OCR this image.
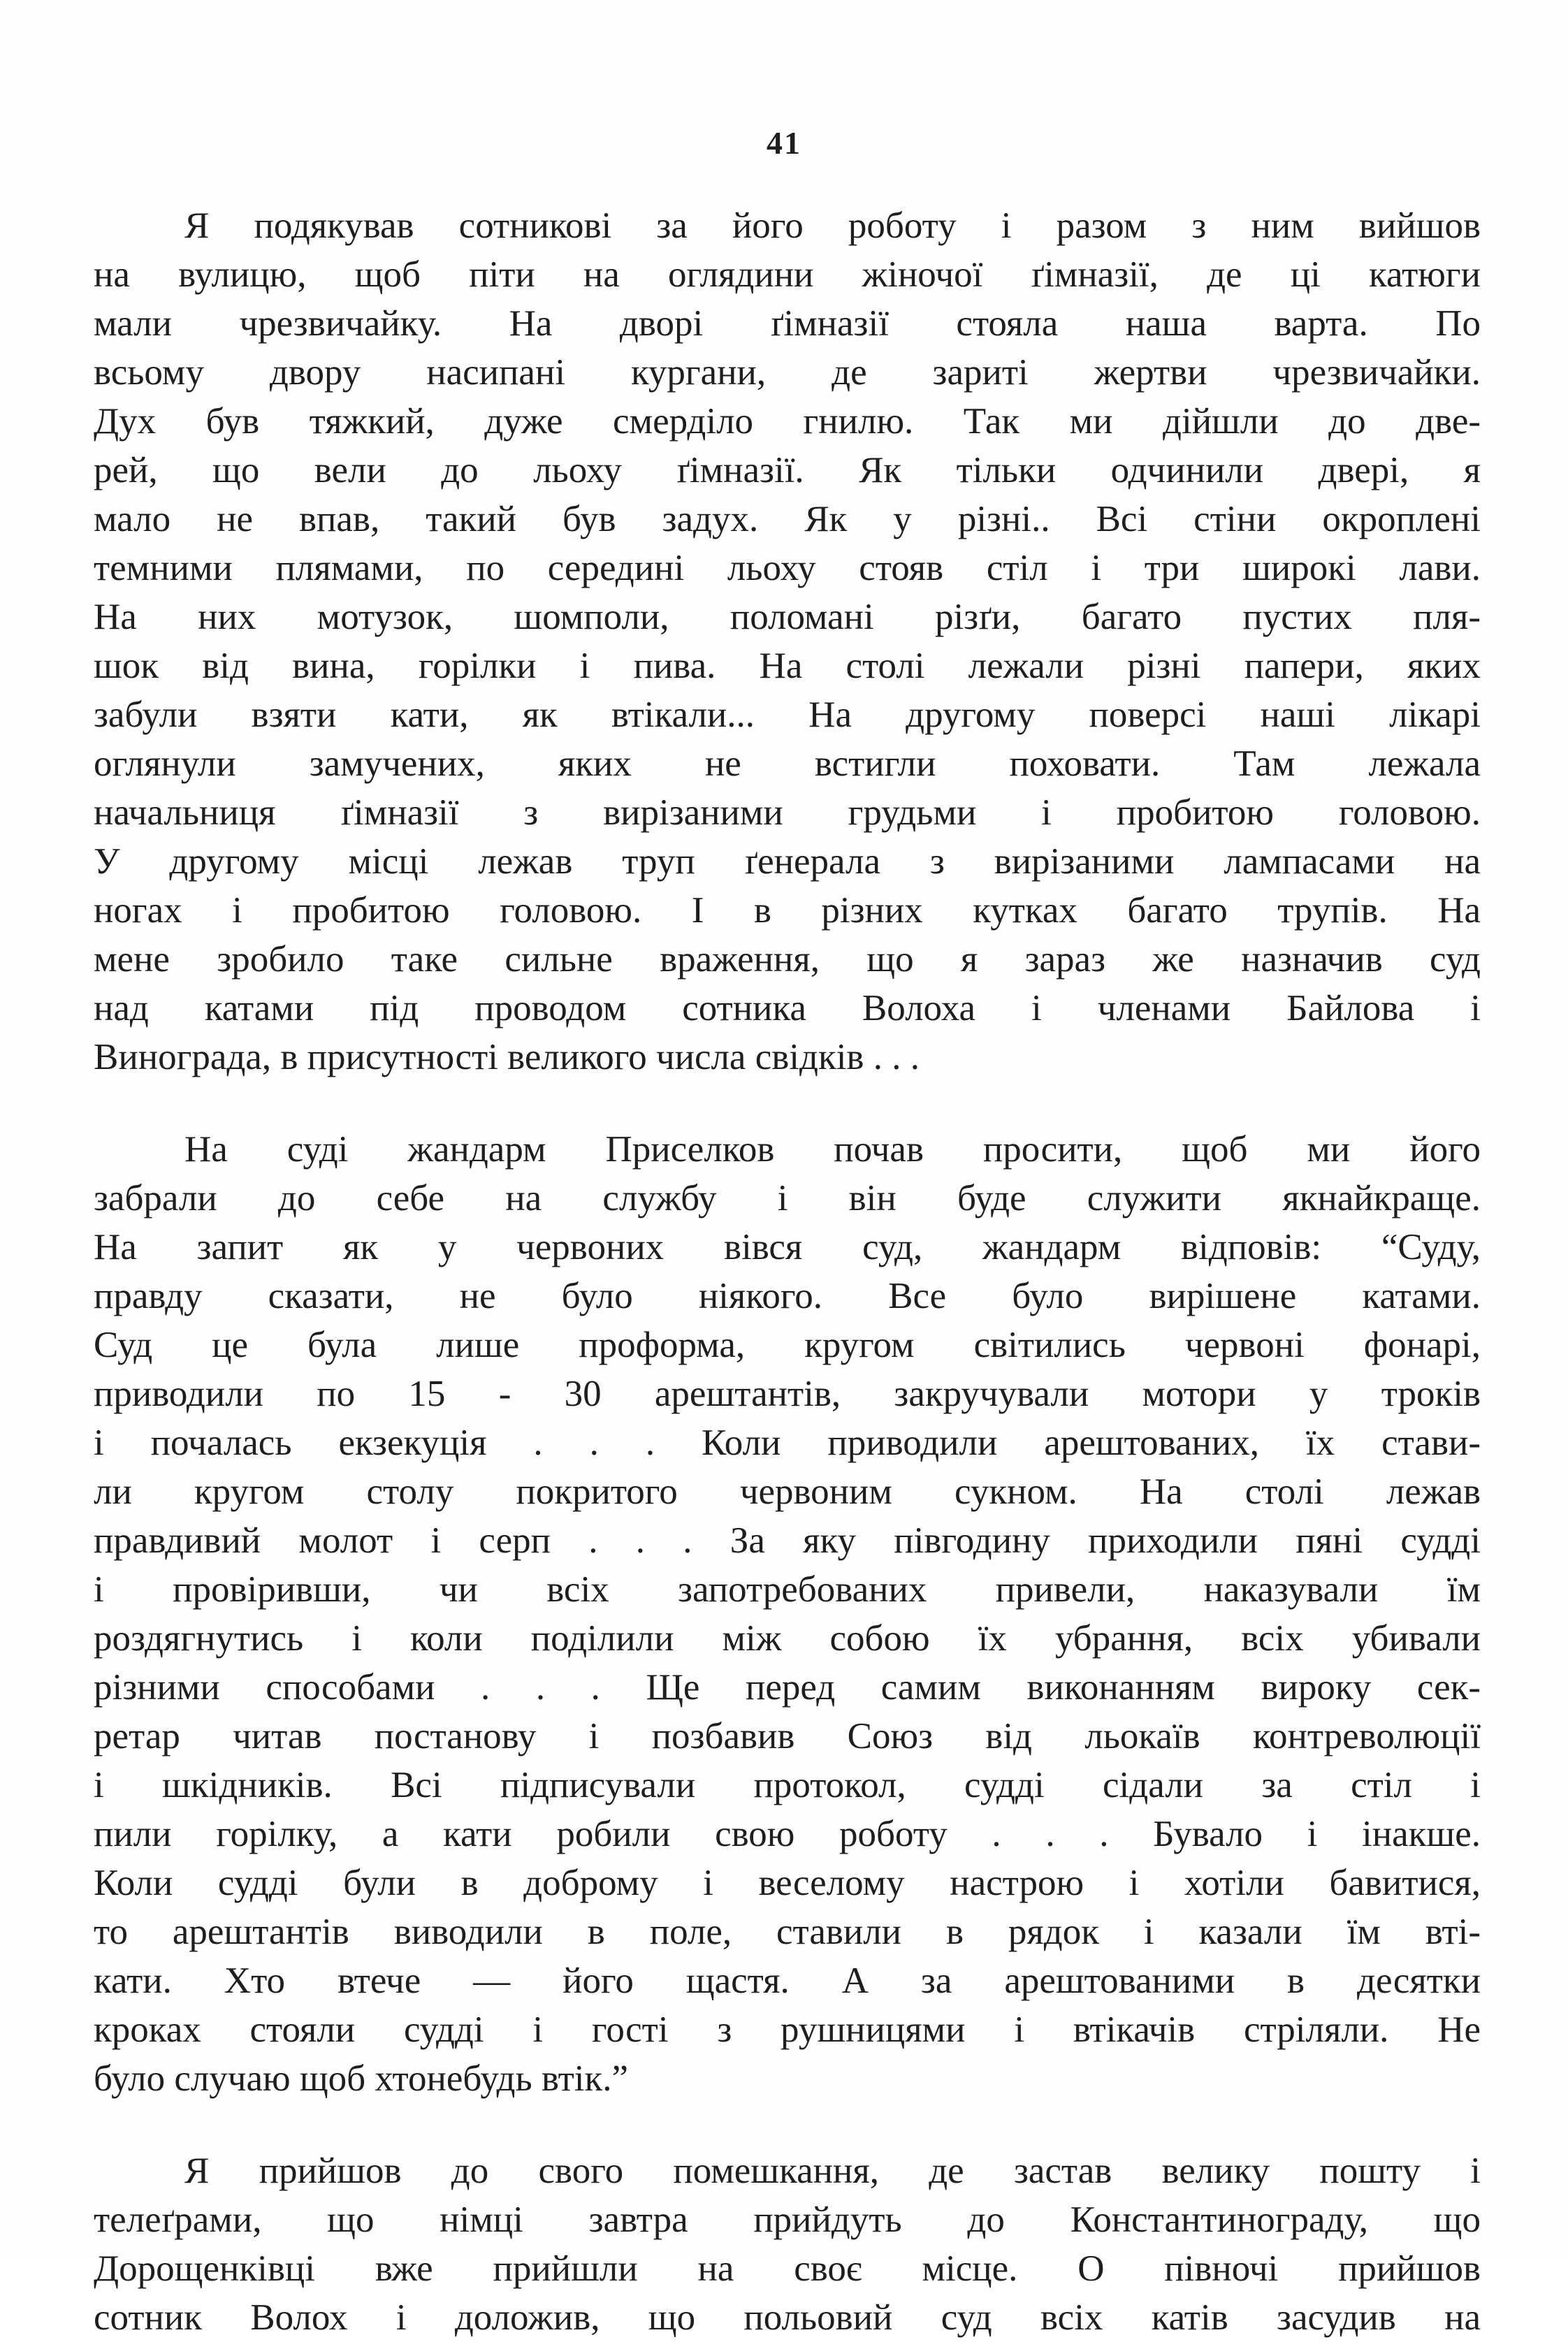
41

Я подякував сотникові за його роботу і разом з ним вийшов
на вулицю, щоб піти на оглядини жіночої ґімназії, де ці катюги
мали чрезвичайку. На дворі ґімназії стояла наша варта. По
всьому двору насипані кургани, де зариті жертви чрезвичайки.
Дух був тяжкий, дуже смерділо гнилю. Так ми дійшли до две-
рей, що вели до льоху ґімназії. Як тільки одчинили двері, я
мало не впав, такий був задух. Як у різні.. Всі стіни окроплені
темними плямами, по середині льоху стояв стіл і три широкі лави.
На них мотузок, шомполи, поломані різґи, багато пустих пля-
шок від вина, горілки і пива. На столі лежали різні папери, яких
забули взяти кати, як втікали... На другому поверсі наші лікарі
оглянули замучених, яких не встигли поховати. Там лежала
начальниця ґімназії з вирізаними грудьми і пробитою головою.
У другому місці лежав труп ґенерала з вирізаними лампасами на
ногах і пробитою головою. І в різних кутках багато трупів. На
мене зробило таке сильне враження, що я зараз же назначив суд
над катами під проводом сотника Волоха і членами Байлова і
Винограда, в присутності великого числа свідків . . .

На суді жандарм Приселков почав просити, щоб ми його
забрали до себе на службу і він буде служити якнайкраще.
На запит як у червоних вівся суд, жандарм відповів: “Суду,
правду сказати, не було ніякого. Все було вирішене катами.
Суд це була лише проформа, кругом світились червоні фонарі,
приводили по 15 - 30 арештантів, закручували мотори у троків
і почалась екзекуція . . . Коли приводили арештованих, їх стави-
ли кругом столу покритого червоним сукном. На столі лежав
правдивий молот і серп . . . За яку півгодину приходили пяні судді
і провіривши, чи всіх запотребованих привели, наказували їм
роздягнутись і коли поділили між собою їх убрання, всіх убивали
різними способами . . . Ще перед самим виконанням вироку сек-
ретар читав постанову і позбавив Союз від льокаїв контреволюції
і шкідників. Всі підписували протокол, судді сідали за стіл і
пили горілку, а кати робили свою роботу . . . Бувало і інакше.
Коли судді були в доброму і веселому настрою і хотіли бавитися,
то арештантів виводили в поле, ставили в рядок і казали їм вті-
кати. Хто втече — його щастя. А за арештованими в десятки
кроках стояли судді і гості з рушницями і втікачів стріляли. Не
було случаю щоб хтонебудь втік.”

Я прийшов до свого помешкання, де застав велику пошту і
телеґрами, що німці завтра прийдуть до Константинограду, що
Дорощенківці вже прийшли на своє місце. О півночі прийшов
сотник Волох і доложив, що польовий суд всіх катів засудив на
